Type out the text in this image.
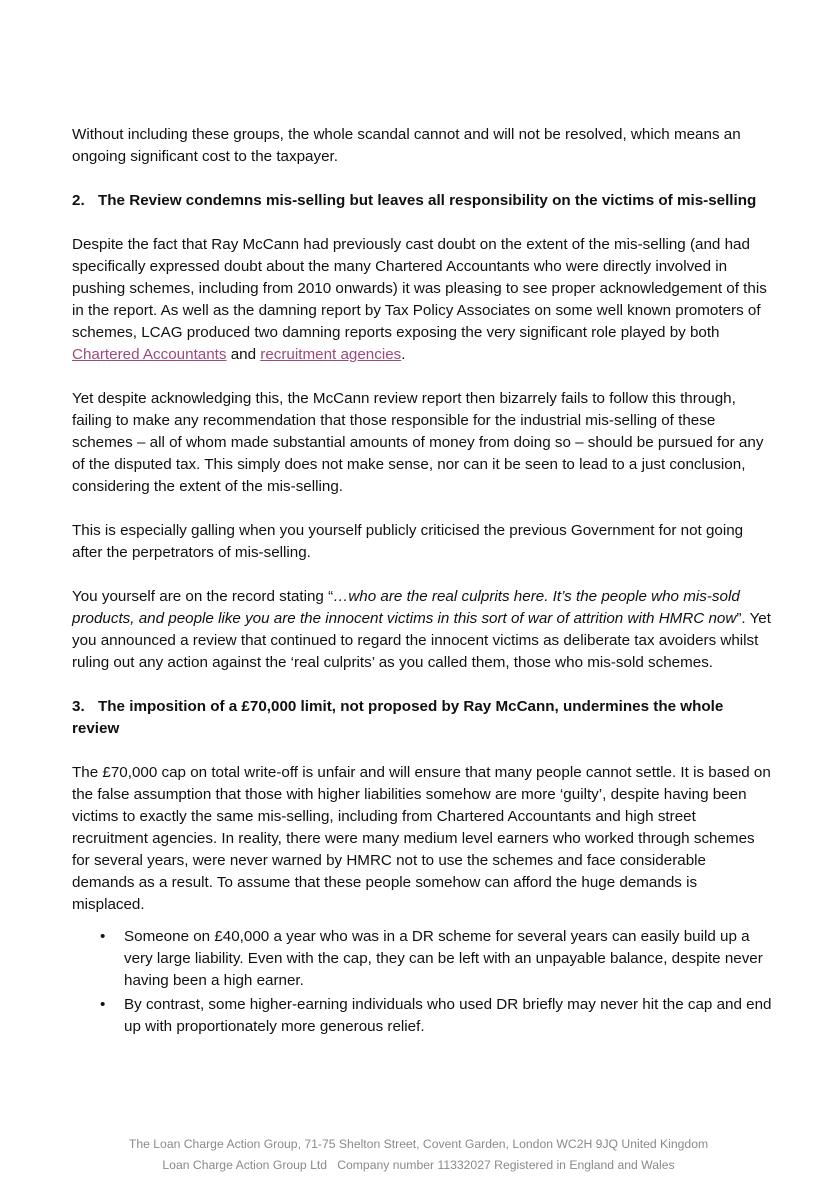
Without including these groups, the whole scandal cannot and will not be resolved, which means an ongoing significant cost to the taxpayer.

2. The Review condemns mis-selling but leaves all responsibility on the victims of mis-selling

Despite the fact that Ray McCann had previously cast doubt on the extent of the mis-selling (and had specifically expressed doubt about the many Chartered Accountants who were directly involved in pushing schemes, including from 2010 onwards) it was pleasing to see proper acknowledgement of this in the report. As well as the damning report by Tax Policy Associates on some well known promoters of schemes, LCAG produced two damning reports exposing the very significant role played by both Chartered Accountants and recruitment agencies.

Yet despite acknowledging this, the McCann review report then bizarrely fails to follow this through, failing to make any recommendation that those responsible for the industrial mis-selling of these schemes – all of whom made substantial amounts of money from doing so – should be pursued for any of the disputed tax. This simply does not make sense, nor can it be seen to lead to a just conclusion, considering the extent of the mis-selling.

This is especially galling when you yourself publicly criticised the previous Government for not going after the perpetrators of mis-selling.

You yourself are on the record stating “…who are the real culprits here. It’s the people who mis-sold products, and people like you are the innocent victims in this sort of war of attrition with HMRC now”. Yet you announced a review that continued to regard the innocent victims as deliberate tax avoiders whilst ruling out any action against the ‘real culprits’ as you called them, those who mis-sold schemes.

3. The imposition of a £70,000 limit, not proposed by Ray McCann, undermines the whole review

The £70,000 cap on total write-off is unfair and will ensure that many people cannot settle. It is based on the false assumption that those with higher liabilities somehow are more ‘guilty’, despite having been victims to exactly the same mis-selling, including from Chartered Accountants and high street recruitment agencies. In reality, there were many medium level earners who worked through schemes for several years, were never warned by HMRC not to use the schemes and face considerable demands as a result. To assume that these people somehow can afford the huge demands is misplaced.

• Someone on £40,000 a year who was in a DR scheme for several years can easily build up a very large liability. Even with the cap, they can be left with an unpayable balance, despite never having been a high earner.
• By contrast, some higher-earning individuals who used DR briefly may never hit the cap and end up with proportionately more generous relief.
The Loan Charge Action Group, 71-75 Shelton Street, Covent Garden, London WC2H 9JQ United Kingdom
Loan Charge Action Group Ltd   Company number 11332027 Registered in England and Wales
